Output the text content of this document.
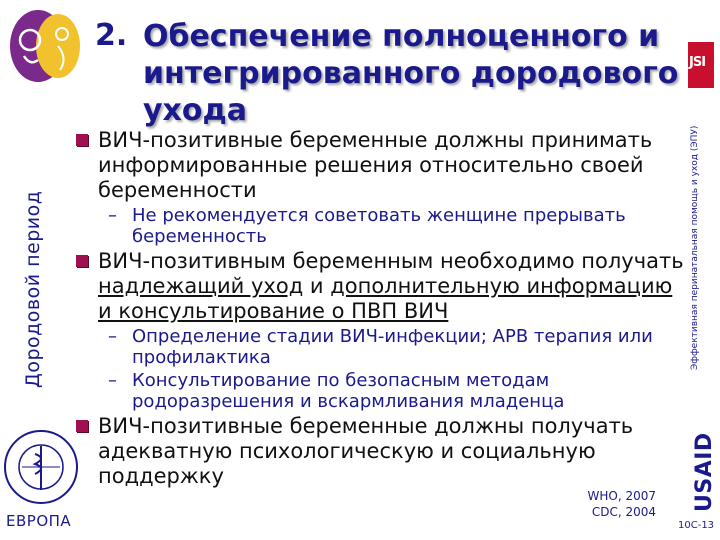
Дородовой период
ЕВРОПА
JSI
Эффективная перинатальная помощь и уход (ЭПУ)
USAID
10C-13
2. Обеспечение полноценного и интегрированного дородового ухода
ВИЧ-позитивные беременные должны принимать информированные решения относительно своей беременности
– Не рекомендуется советовать женщине прерывать беременность
ВИЧ-позитивным беременным необходимо получать надлежащий уход и дополнительную информацию и консультирование о ПВП ВИЧ
– Определение стадии ВИЧ-инфекции; АРВ терапия или профилактика
– Консультирование по безопасным методам родоразрешения и вскармливания младенца
ВИЧ-позитивные беременные должны получать адекватную психологическую и социальную поддержку
WHO, 2007
CDC, 2004
